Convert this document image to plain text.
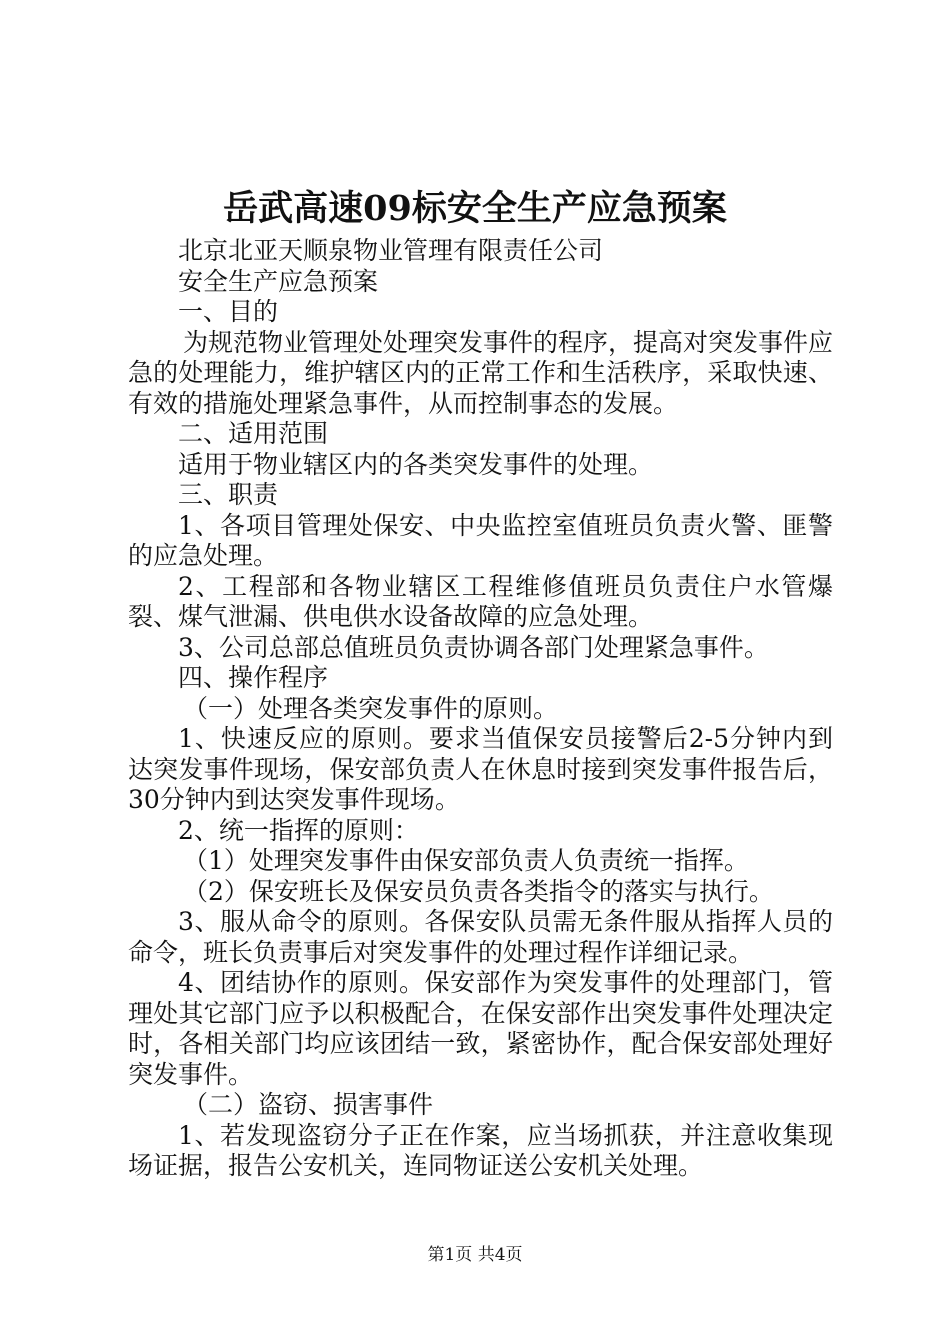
岳武高速09标安全生产应急预案

北京北亚天顺泉物业管理有限责任公司

安全生产应急预案

一、目的

为规范物业管理处处理突发事件的程序，提高对突发事件应急的处理能力，维护辖区内的正常工作和生活秩序，采取快速、有效的措施处理紧急事件，从而控制事态的发展。

二、适用范围

适用于物业辖区内的各类突发事件的处理。

三、职责

1、各项目管理处保安、中央监控室值班员负责火警、匪警的应急处理。

2、工程部和各物业辖区工程维修值班员负责住户水管爆裂、煤气泄漏、供电供水设备故障的应急处理。

3、公司总部总值班员负责协调各部门处理紧急事件。

四、操作程序

（一）处理各类突发事件的原则。

1、快速反应的原则。要求当值保安员接警后2-5分钟内到达突发事件现场，保安部负责人在休息时接到突发事件报告后，30分钟内到达突发事件现场。

2、统一指挥的原则：

（1）处理突发事件由保安部负责人负责统一指挥。

（2）保安班长及保安员负责各类指令的落实与执行。

3、服从命令的原则。各保安队员需无条件服从指挥人员的命令，班长负责事后对突发事件的处理过程作详细记录。

4、团结协作的原则。保安部作为突发事件的处理部门，管理处其它部门应予以积极配合，在保安部作出突发事件处理决定时，各相关部门均应该团结一致，紧密协作，配合保安部处理好突发事件。

（二）盗窃、损害事件

1、若发现盗窃分子正在作案，应当场抓获，并注意收集现场证据，报告公安机关，连同物证送公安机关处理。

第1页 共4页
